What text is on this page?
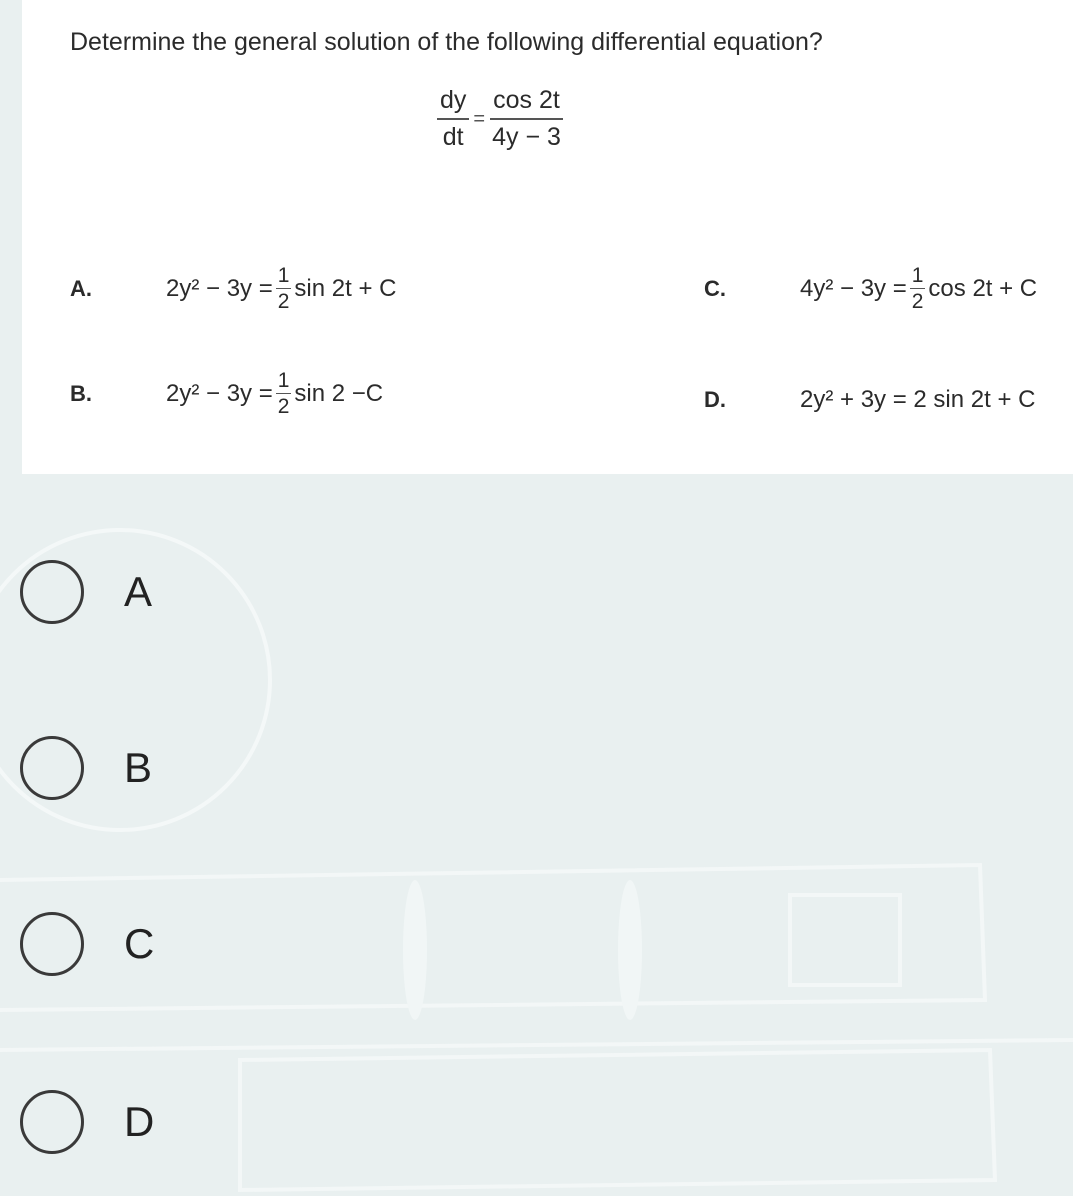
Determine the general solution of the following differential equation?
$\frac{dy}{dt} = \frac{\cos 2t}{4y - 3}$
A.	$2y^2 - 3y = \frac{1}{2}$ sin 2t + C
B.	$2y^2 - 3y = \frac{1}{2}$ sin 2 −C
C.	$4y^2 - 3y = \frac{1}{2}$ cos 2t + C
D.	2y² + 3y = 2 sin 2t + C
A
B
C
D
